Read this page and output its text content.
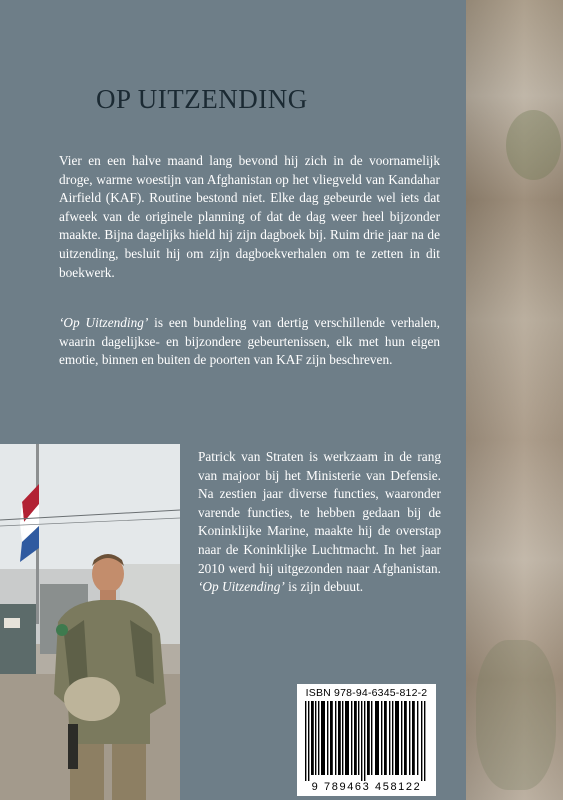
OP UITZENDING
Vier en een halve maand lang bevond hij zich in de voornamelijk droge, warme woestijn van Afghanistan op het vliegveld van Kandahar Airfield (KAF). Routine bestond niet. Elke dag gebeurde wel iets dat afweek van de originele planning of dat de dag weer heel bijzonder maakte. Bijna dagelijks hield hij zijn dagboek bij. Ruim drie jaar na de uitzending, besluit hij om zijn dagboekverhalen om te zetten in dit boekwerk.
‘Op Uitzending’ is een bundeling van dertig verschillende verhalen, waarin dagelijkse- en bijzondere gebeurtenissen, elk met hun eigen emotie, binnen en buiten de poorten van KAF zijn beschreven.
Patrick van Straten is werkzaam in de rang van majoor bij het Ministerie van Defensie. Na zestien jaar diverse functies, waaronder varende functies, te hebben gedaan bij de Koninklijke Marine, maakte hij de overstap naar de Koninklijke Luchtmacht. In het jaar 2010 werd hij uitgezonden naar Afghanistan. ‘Op Uitzending’ is zijn debuut.
ISBN 978-94-6345-812-2
9 789463 458122
